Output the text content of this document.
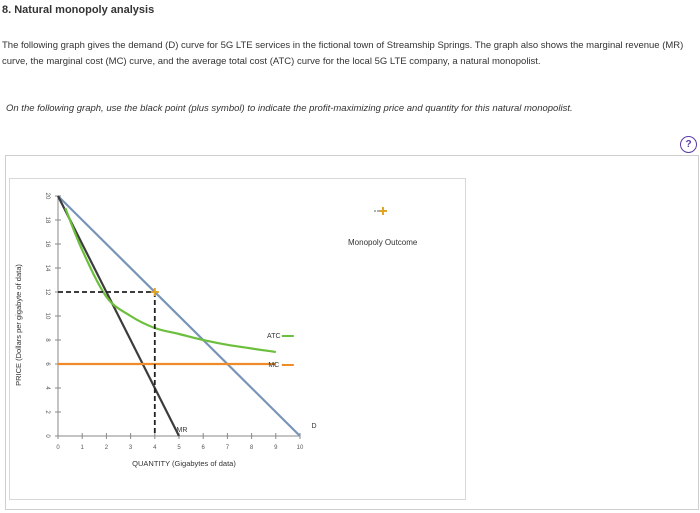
8. Natural monopoly analysis
The following graph gives the demand (D) curve for 5G LTE services in the fictional town of Streamship Springs. The graph also shows the marginal revenue (MR) curve, the marginal cost (MC) curve, and the average total cost (ATC) curve for the local 5G LTE company, a natural monopolist.
On the following graph, use the black point (plus symbol) to indicate the profit-maximizing price and quantity for this natural monopolist.
?
0
2
4
6
8
10
12
14
16
18
20
0	1	2	3	4	5	6	7	8	9	10
QUANTITY (Gigabytes of data)
PRICE (Dollars per gigabyte of data)
D
MR
MC
ATC
Monopoly Outcome
